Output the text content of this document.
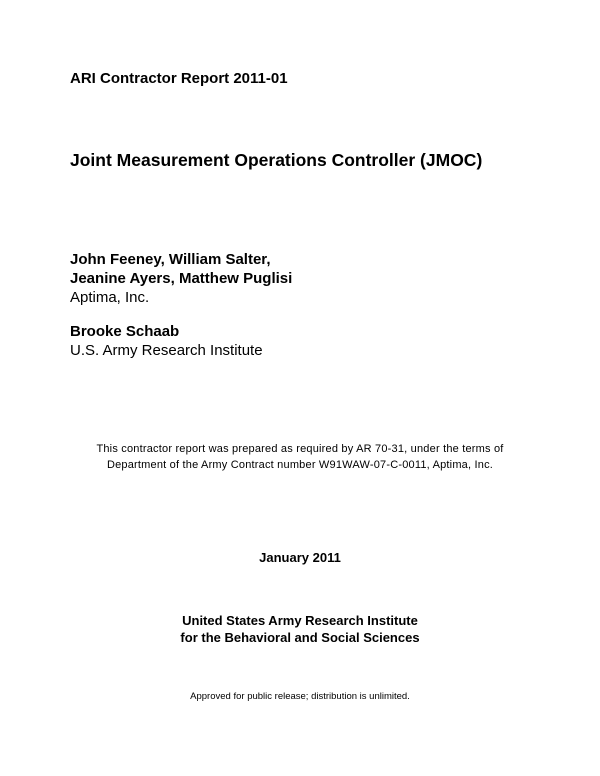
ARI Contractor Report 2011-01
Joint Measurement Operations Controller (JMOC)
John Feeney, William Salter,
Jeanine Ayers, Matthew Puglisi
Aptima, Inc.
Brooke Schaab
U.S. Army Research Institute
This contractor report was prepared as required by AR 70-31, under the terms of
Department of the Army Contract number W91WAW-07-C-0011, Aptima, Inc.
January 2011
United States Army Research Institute
for the Behavioral and Social Sciences
Approved for public release; distribution is unlimited.
